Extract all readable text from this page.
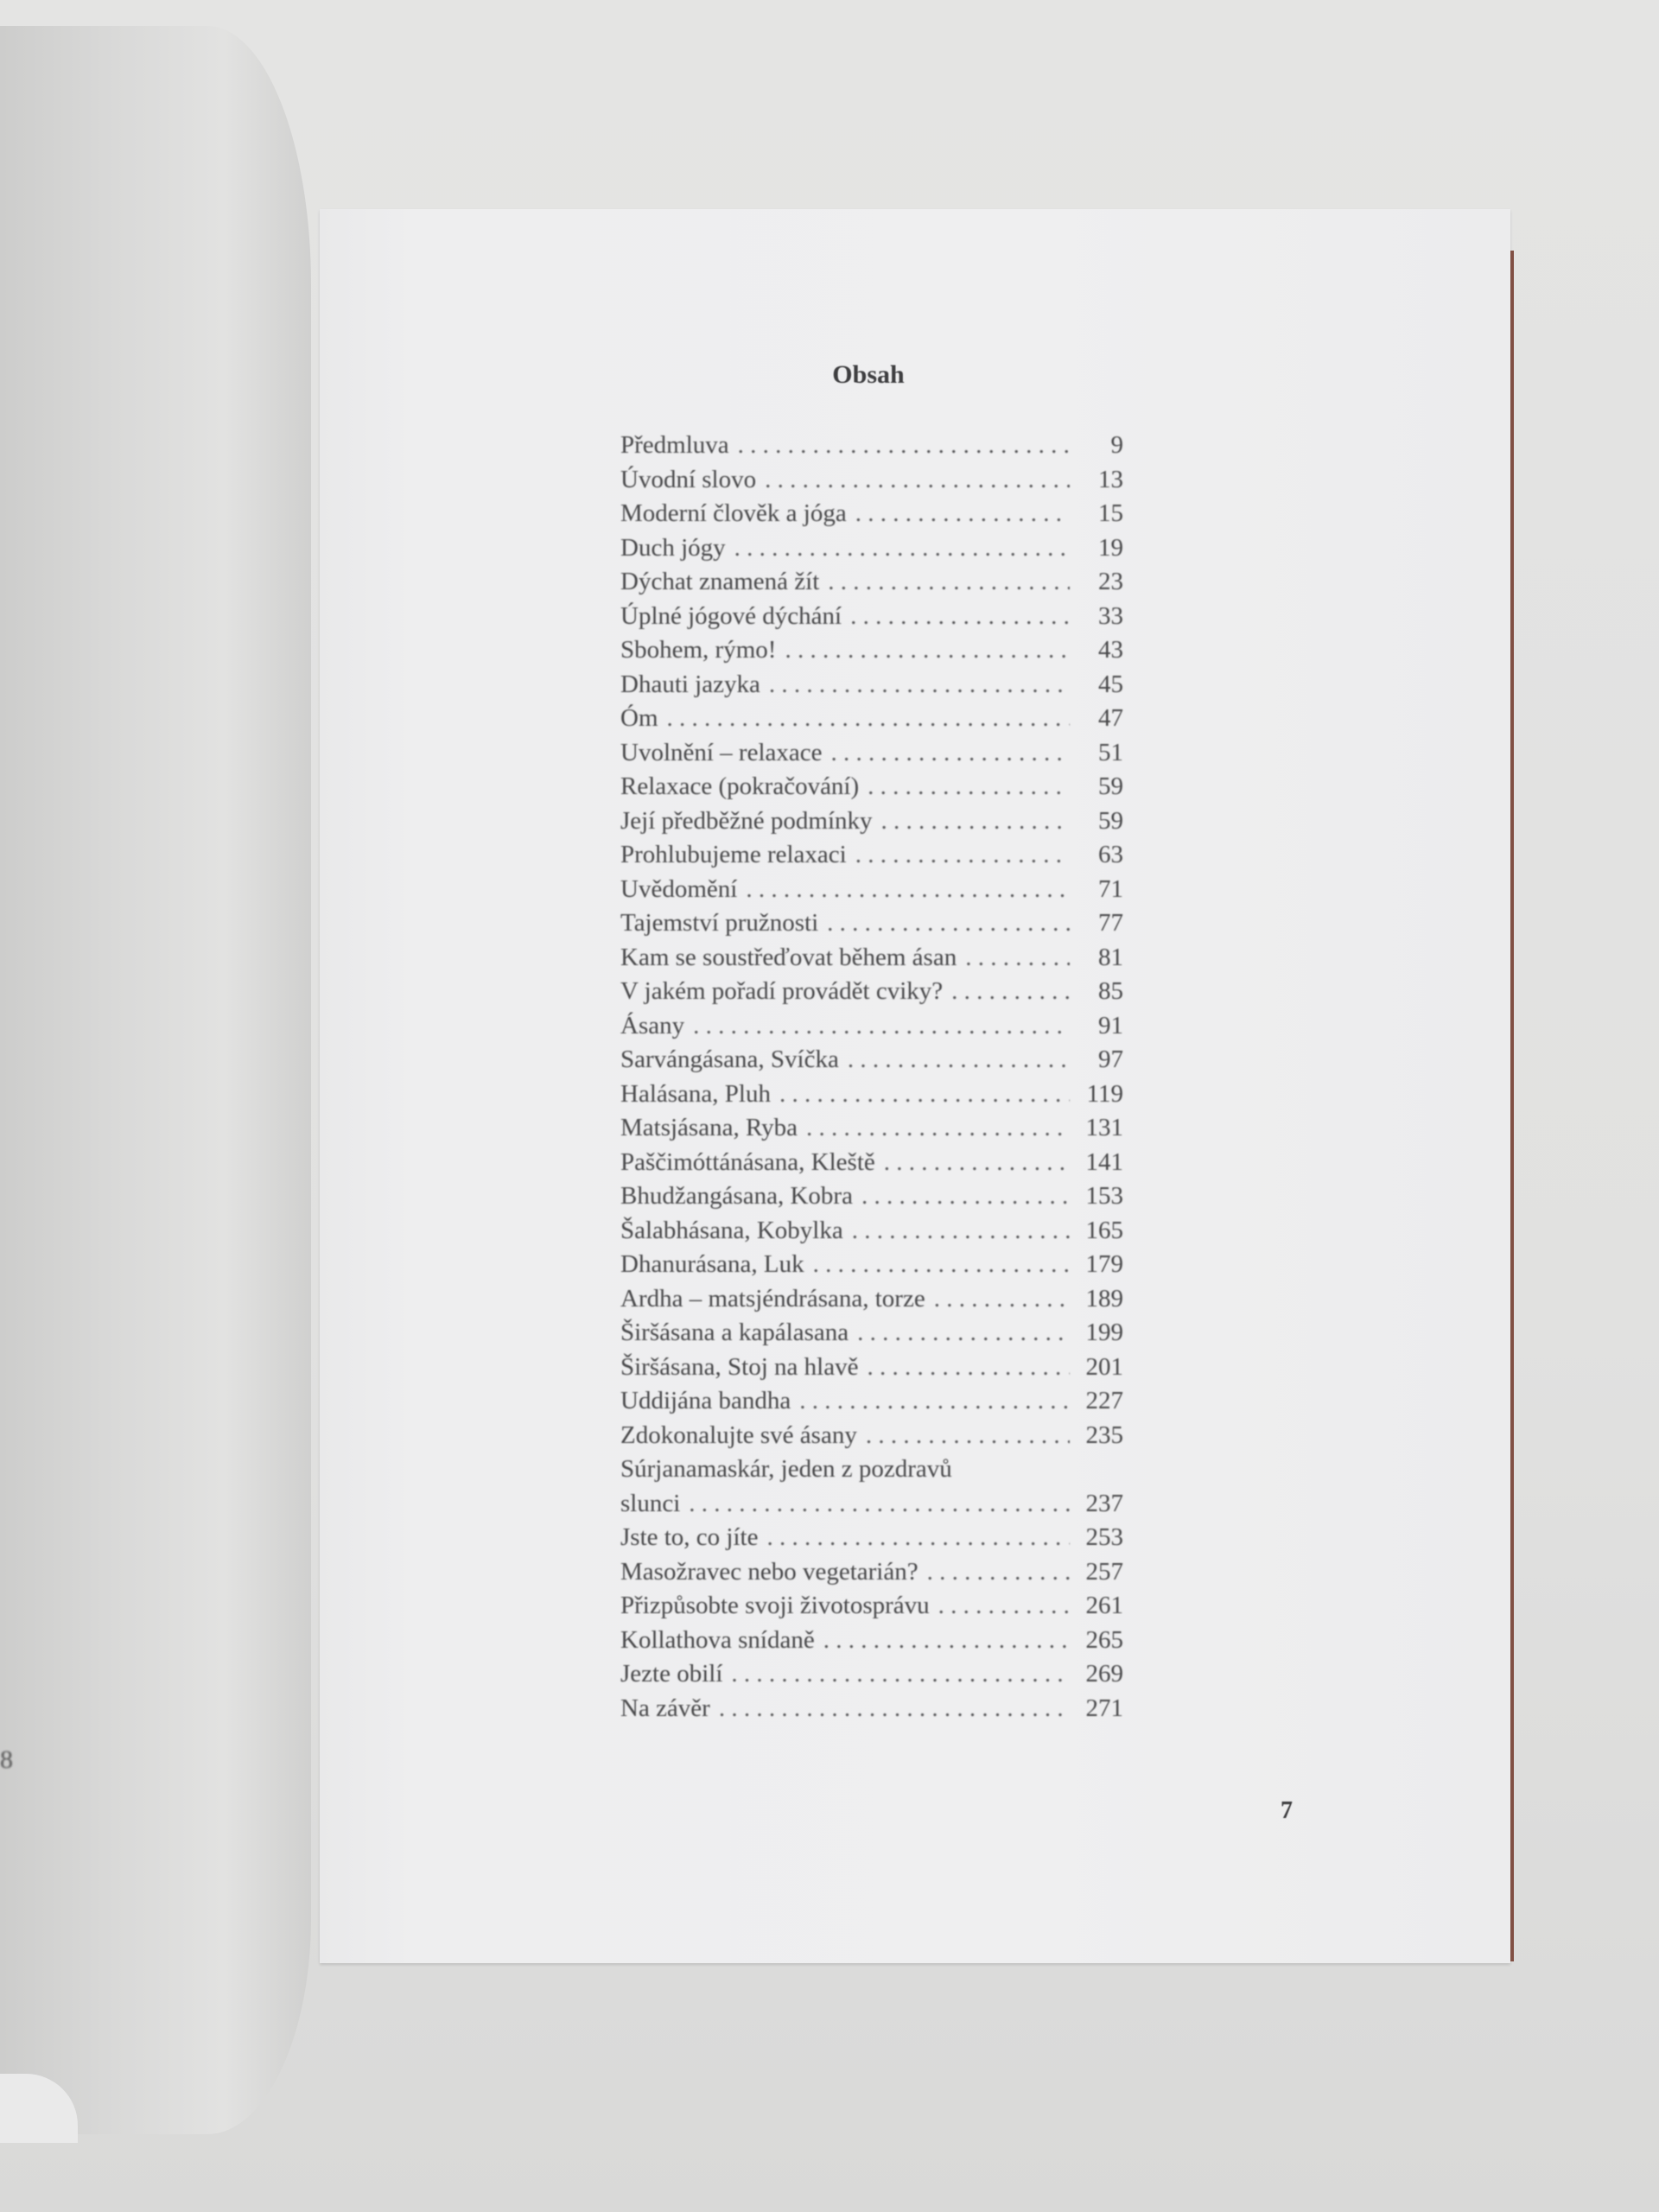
8
Obsah
Předmluva . . .	9
Úvodní slovo . . .	13
Moderní člověk a jóga . . .	15
Duch jógy . . .	19
Dýchat znamená žít . . .	23
Úplné jógové dýchání . . .	33
Sbohem, rýmo! . . .	43
Dhauti jazyka . . .	45
Óm . . .	47
Uvolnění – relaxace . . .	51
Relaxace (pokračování) . . .	59
Její předběžné podmínky . . .	59
Prohlubujeme relaxaci . . .	63
Uvědomění . . .	71
Tajemství pružnosti . . .	77
Kam se soustřeďovat během ásan . . .	81
V jakém pořadí provádět cviky? . . .	85
Ásany . . .	91
Sarvángásana, Svíčka . . .	97
Halásana, Pluh . . .	119
Matsjásana, Ryba . . .	131
Paščimóttánásana, Kleště . . .	141
Bhudžangásana, Kobra . . .	153
Šalabhásana, Kobylka . . .	165
Dhanurásana, Luk . . .	179
Ardha – matsjéndrásana, torze . . .	189
Širšásana a kapálasana . . .	199
Širšásana, Stoj na hlavě . . .	201
Uddijána bandha . . .	227
Zdokonalujte své ásany . . .	235
Súrjanamaskár, jeden z pozdravů
slunci . . .	237
Jste to, co jíte . . .	253
Masožravec nebo vegetarián? . . .	257
Přizpůsobte svoji životosprávu . . .	261
Kollathova snídaně . . .	265
Jezte obilí . . .	269
Na závěr . . .	271
7
